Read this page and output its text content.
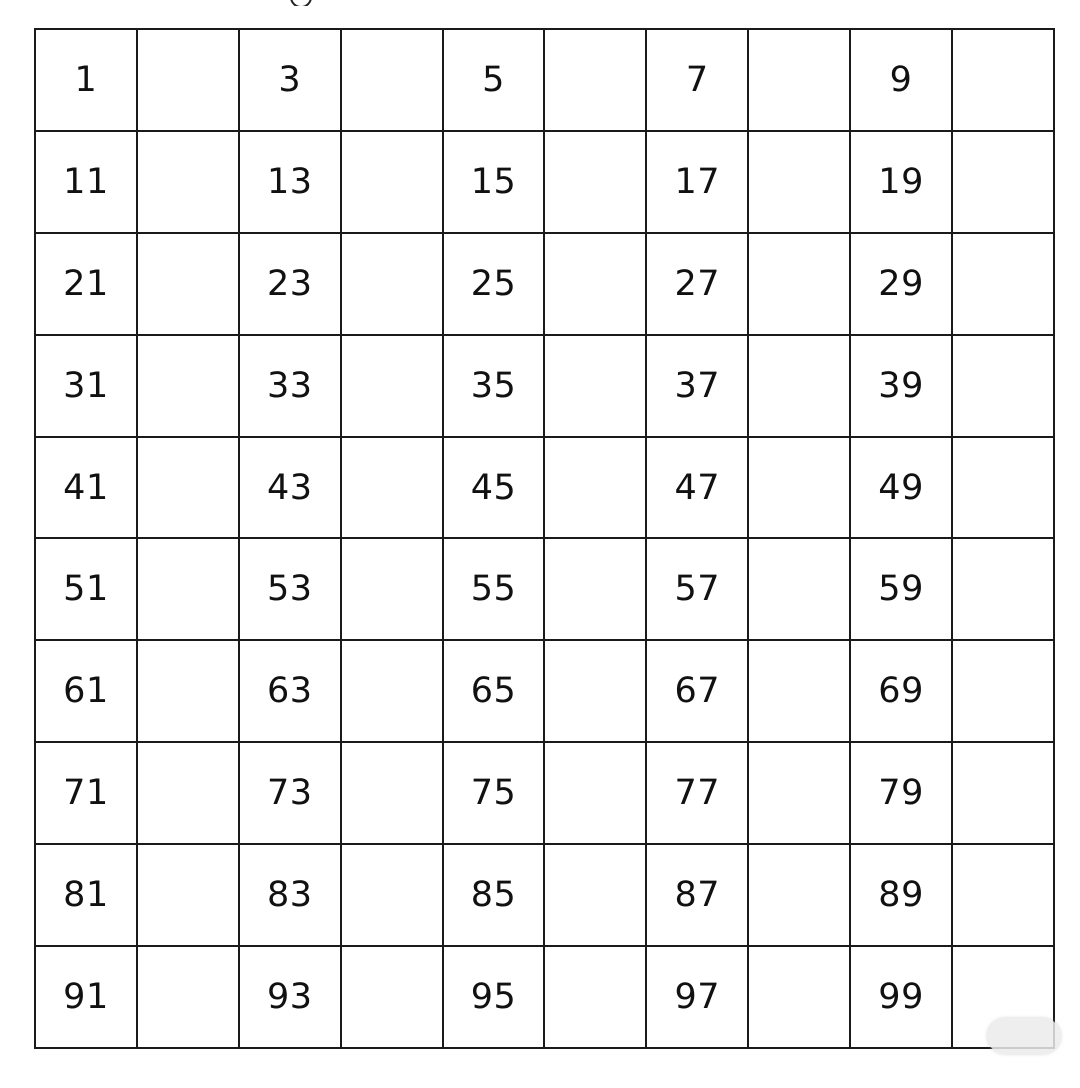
1		3		5		7		9	
11		13		15		17		19	
21		23		25		27		29	
31		33		35		37		39	
41		43		45		47		49	
51		53		55		57		59	
61		63		65		67		69	
71		73		75		77		79	
81		83		85		87		89	
91		93		95		97		99	
